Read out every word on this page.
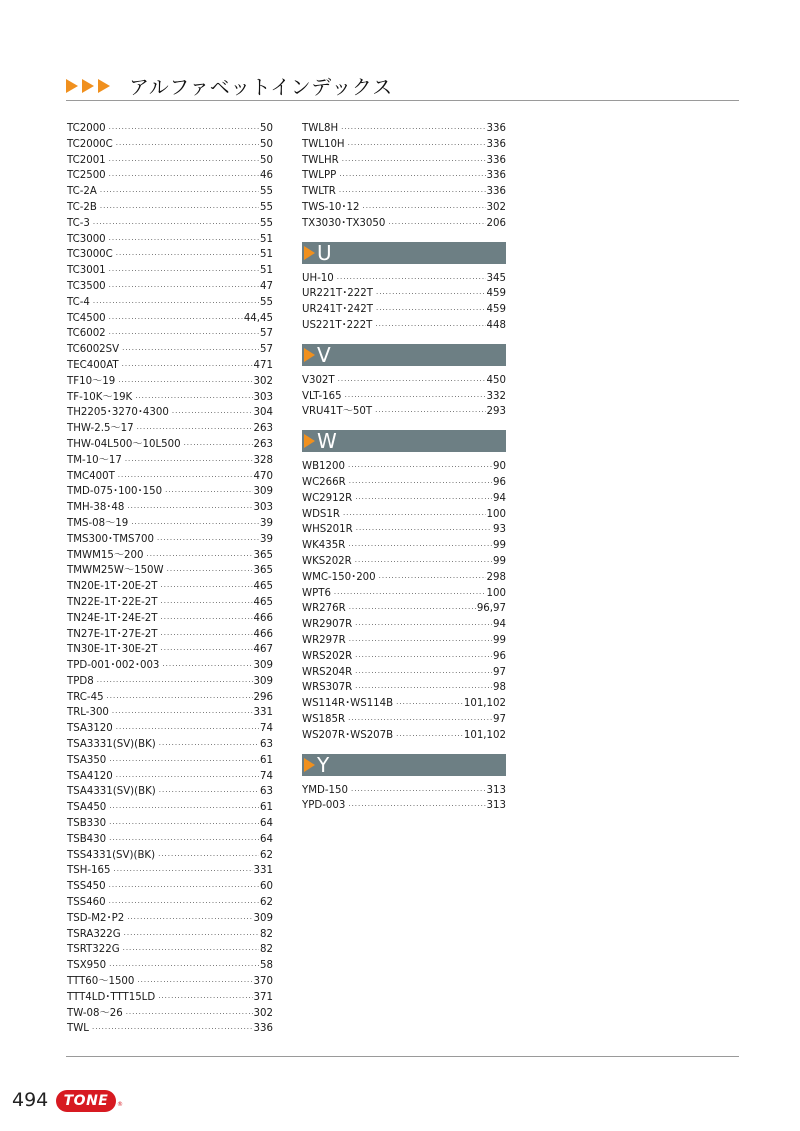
アルファベットインデックス
TC2000 ·····	50
TC2000C ·····	50
TC2001 ·····	50
TC2500 ·····	46
TC-2A ·····	55
TC-2B ·····	55
TC-3 ·····	55
TC3000 ·····	51
TC3000C ·····	51
TC3001 ·····	51
TC3500 ·····	47
TC-4 ·····	55
TC4500 ·····	44,45
TC6002 ·····	57
TC6002SV ·····	57
TEC400AT ·····	471
TF10～19 ·····	302
TF-10K～19K ·····	303
TH2205･3270･4300 ·····	304
THW-2.5～17 ·····	263
THW-04L500～10L500 ·····	263
TM-10～17 ·····	328
TMC400T ·····	470
TMD-075･100･150 ·····	309
TMH-38･48 ·····	303
TMS-08～19 ·····	39
TMS300･TMS700 ·····	39
TMWM15～200 ·····	365
TMWM25W～150W ·····	365
TN20E-1T･20E-2T ·····	465
TN22E-1T･22E-2T ·····	465
TN24E-1T･24E-2T ·····	466
TN27E-1T･27E-2T ·····	466
TN30E-1T･30E-2T ·····	467
TPD-001･002･003 ·····	309
TPD8 ·····	309
TRC-45 ·····	296
TRL-300 ·····	331
TSA3120 ·····	74
TSA3331(SV)(BK) ·····	63
TSA350 ·····	61
TSA4120 ·····	74
TSA4331(SV)(BK) ·····	63
TSA450 ·····	61
TSB330 ·····	64
TSB430 ·····	64
TSS4331(SV)(BK) ·····	62
TSH-165 ·····	331
TSS450 ·····	60
TSS460 ·····	62
TSD-M2･P2 ·····	309
TSRA322G ·····	82
TSRT322G ·····	82
TSX950 ·····	58
TTT60～1500 ·····	370
TTT4LD･TTT15LD ·····	371
TW-08～26 ·····	302
TWL ·····	336
TWL8H ·····	336
TWL10H ·····	336
TWLHR ·····	336
TWLPP ·····	336
TWLTR ·····	336
TWS-10･12 ·····	302
TX3030･TX3050 ·····	206
U
UH-10 ·····	345
UR221T･222T ·····	459
UR241T･242T ·····	459
US221T･222T ·····	448
V
V302T ·····	450
VLT-165 ·····	332
VRU41T～50T ·····	293
W
WB1200 ·····	90
WC266R ·····	96
WC2912R ·····	94
WDS1R ·····	100
WHS201R ·····	93
WK435R ·····	99
WKS202R ·····	99
WMC-150･200 ·····	298
WPT6 ·····	100
WR276R ·····	96,97
WR2907R ·····	94
WR297R ·····	99
WRS202R ·····	96
WRS204R ·····	97
WRS307R ·····	98
WS114R･WS114B ·····	101,102
WS185R ·····	97
WS207R･WS207B ·····	101,102
Y
YMD-150 ·····	313
YPD-003 ·····	313
494	TONE	®
